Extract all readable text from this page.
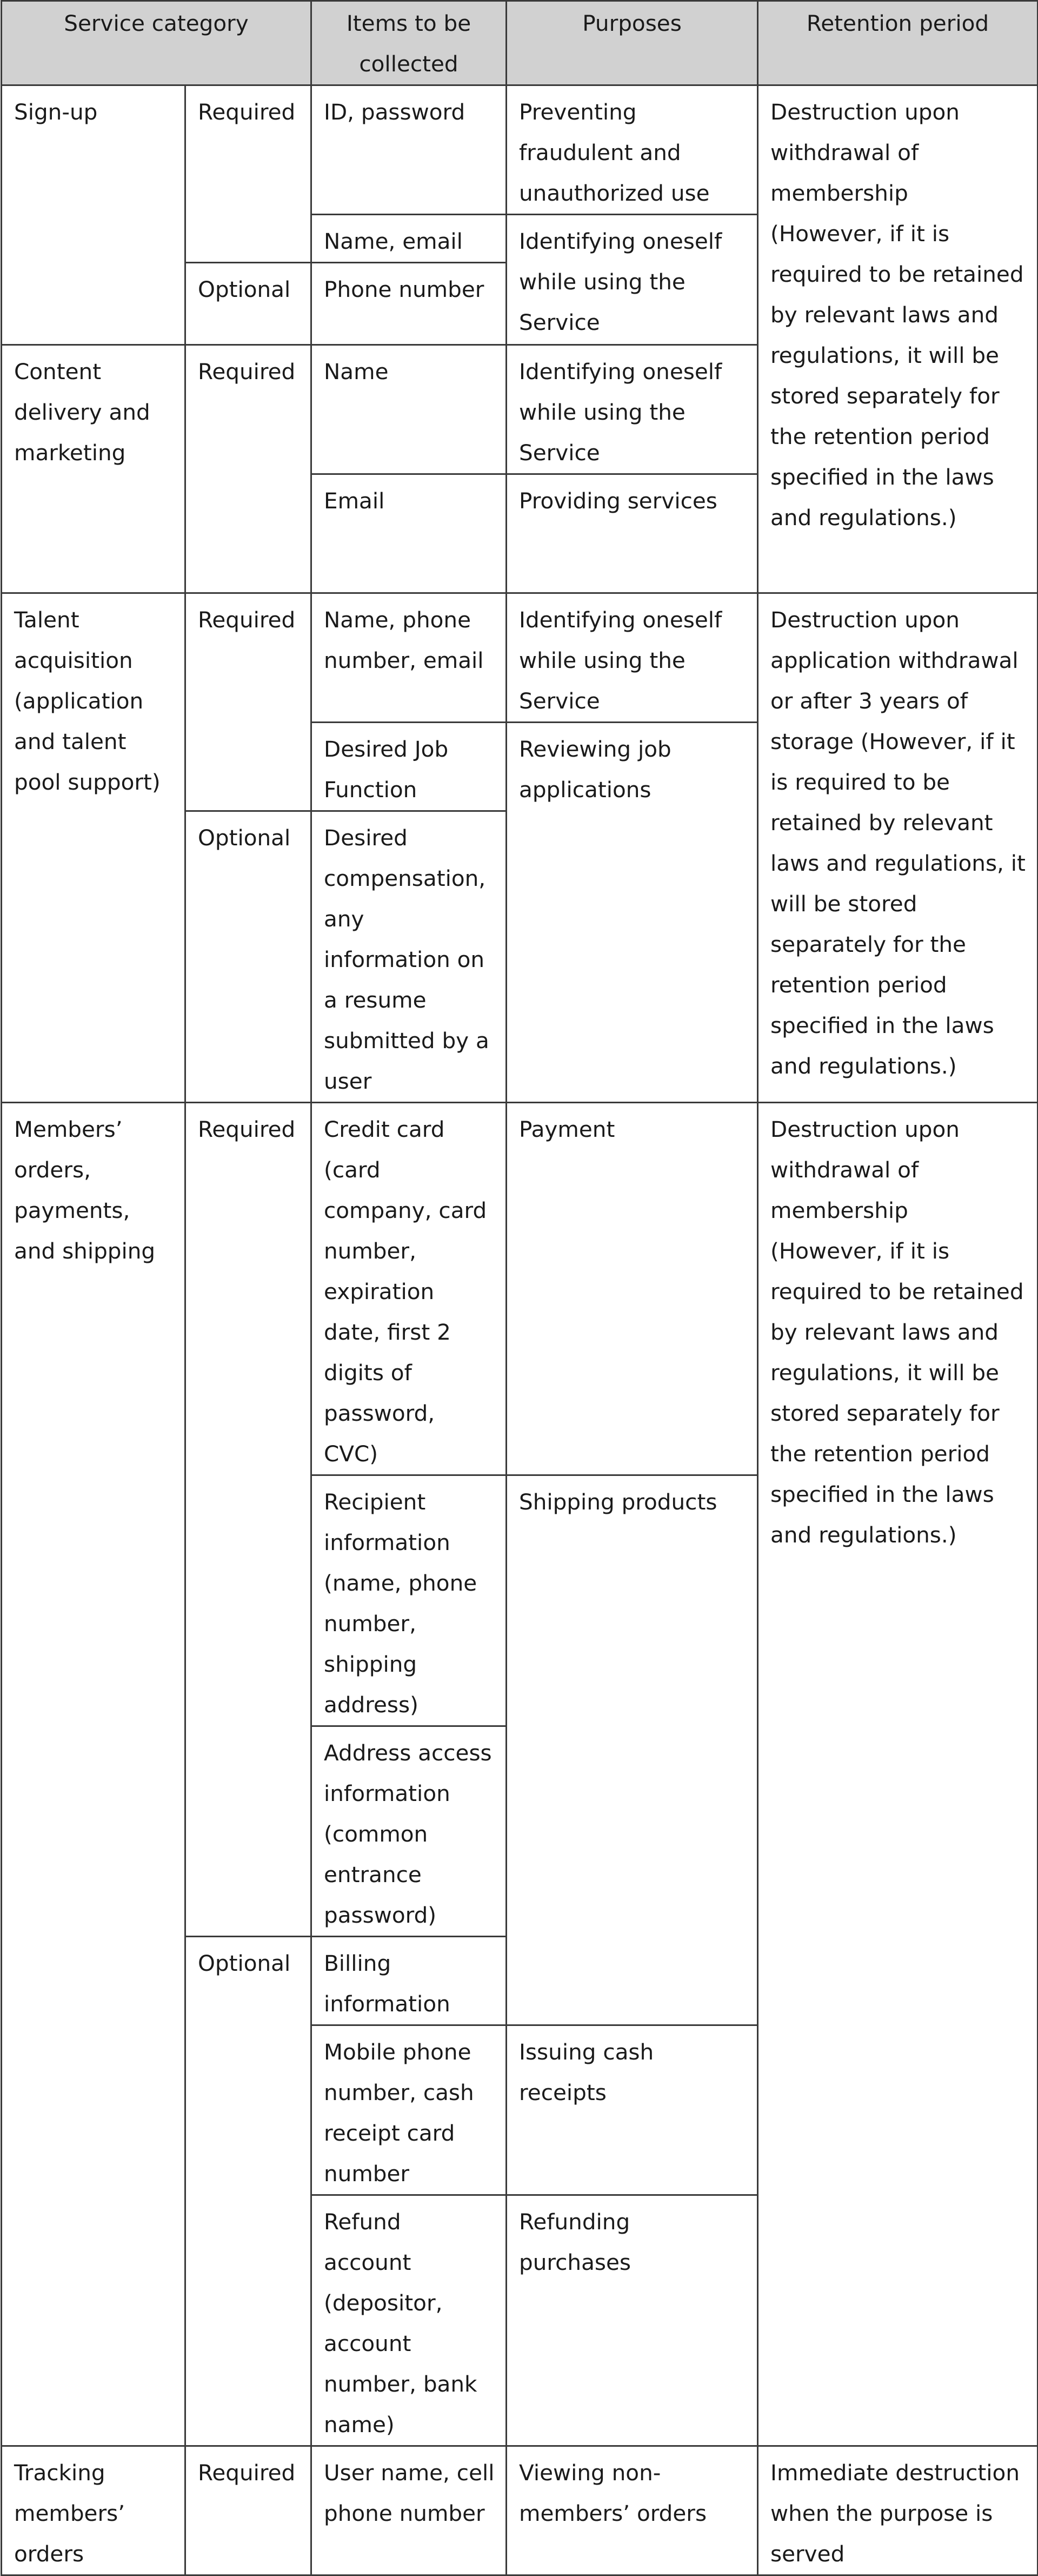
Service category		Items to be collected	Purposes	Retention period
Sign-up	Required	ID, password	Preventing fraudulent and unauthorized use	Destruction upon withdrawal of membership (However, if it is required to be retained by relevant laws and regulations, it will be stored separately for the retention period specified in the laws and regulations.)
		Name, email	Identifying oneself while using the Service	
	Optional	Phone number		
Content delivery and marketing	Required	Name	Identifying oneself while using the Service	
		Email	Providing services	
Talent acquisition (application and talent pool support)	Required	Name, phone number, email	Identifying oneself while using the Service	Destruction upon application withdrawal or after 3 years of storage (However, if it is required to be retained by relevant laws and regulations, it will be stored separately for the retention period specified in the laws and regulations.)
		Desired Job Function	Reviewing job applications	
	Optional	Desired compensation, any information on a resume submitted by a user		
Members’ orders, payments, and shipping	Required	Credit card (card company, card number, expiration date, first 2 digits of password, CVC)	Payment	Destruction upon withdrawal of membership (However, if it is required to be retained by relevant laws and regulations, it will be stored separately for the retention period specified in the laws and regulations.)
		Recipient information (name, phone number, shipping address)	Shipping products	
		Address access information (common entrance password)		
	Optional	Billing information		
		Mobile phone number, cash receipt card number	Issuing cash receipts	
		Refund account (depositor, account number, bank name)	Refunding purchases	
Tracking members’ orders	Required	User name, cell phone number	Viewing non-members’ orders	Immediate destruction when the purpose is served
